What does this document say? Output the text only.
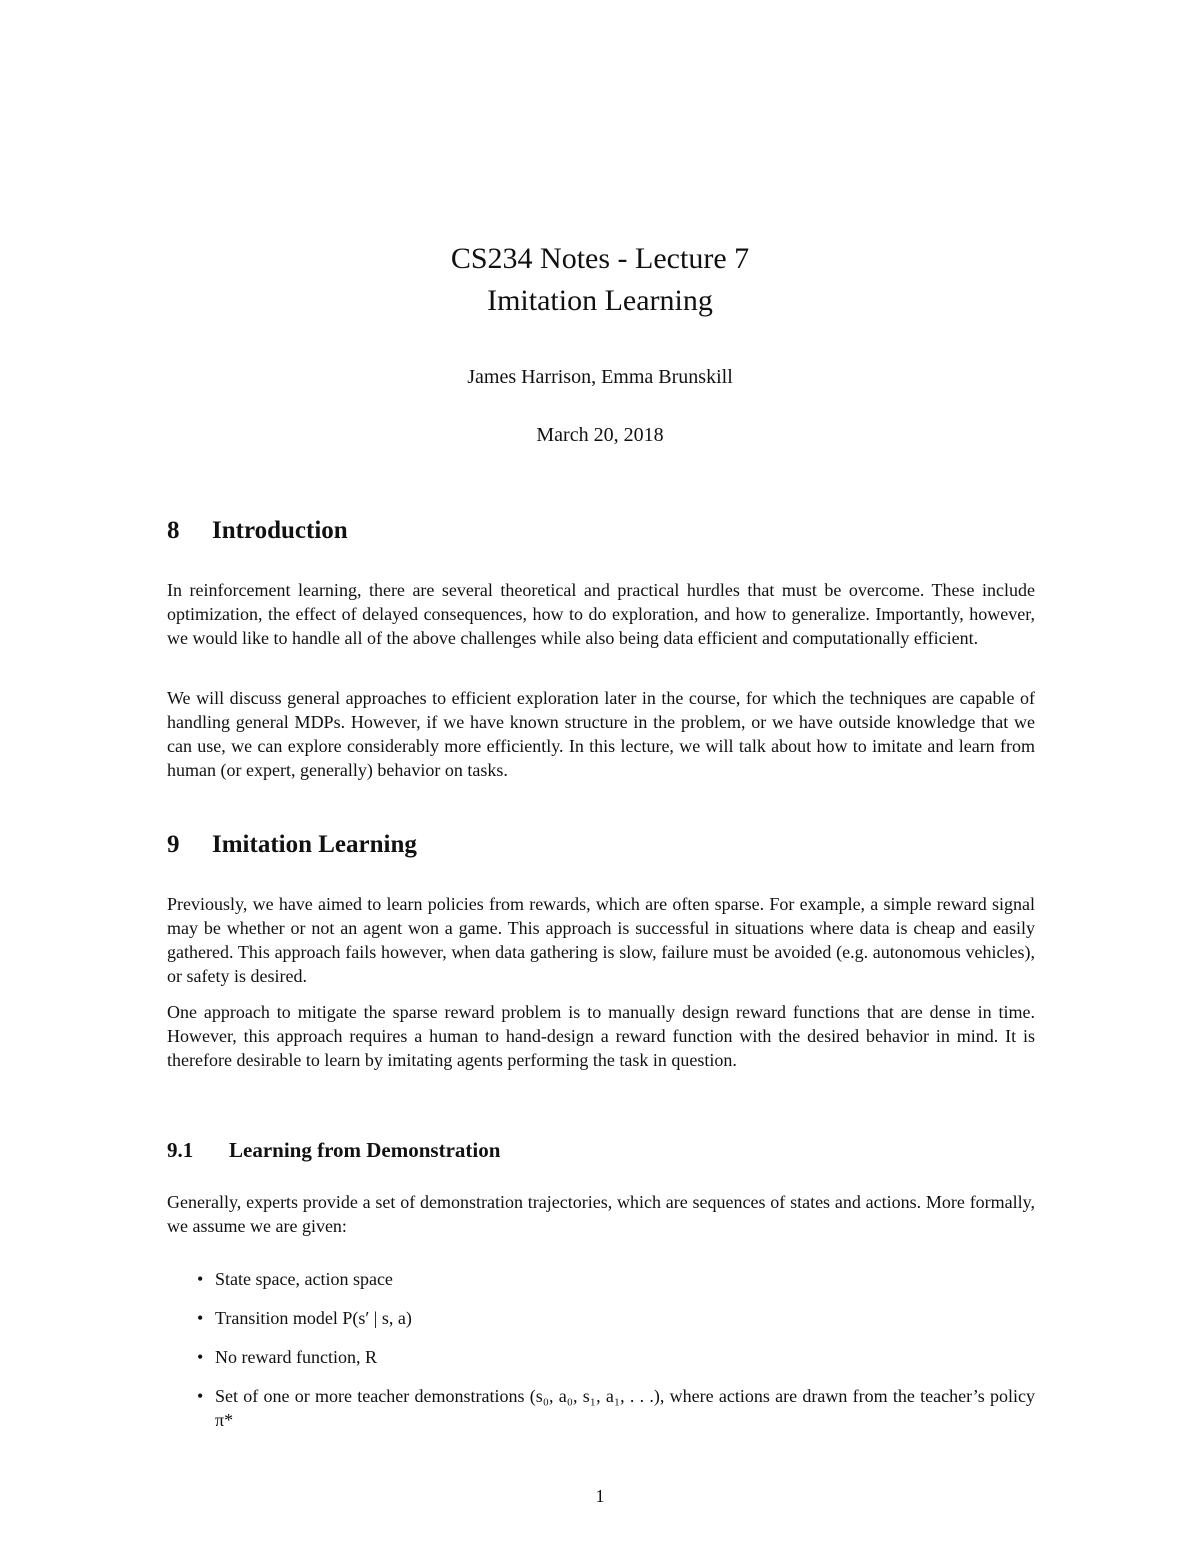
CS234 Notes - Lecture 7
Imitation Learning
James Harrison, Emma Brunskill
March 20, 2018
8 Introduction

In reinforcement learning, there are several theoretical and practical hurdles that must be overcome. These include optimization, the effect of delayed consequences, how to do exploration, and how to generalize. Importantly, however, we would like to handle all of the above challenges while also being data efficient and computationally efficient.

We will discuss general approaches to efficient exploration later in the course, for which the techniques are capable of handling general MDPs. However, if we have known structure in the problem, or we have outside knowledge that we can use, we can explore considerably more efficiently. In this lecture, we will talk about how to imitate and learn from human (or expert, generally) behavior on tasks.

9 Imitation Learning

Previously, we have aimed to learn policies from rewards, which are often sparse. For example, a simple reward signal may be whether or not an agent won a game. This approach is successful in situations where data is cheap and easily gathered. This approach fails however, when data gathering is slow, failure must be avoided (e.g. autonomous vehicles), or safety is desired.

One approach to mitigate the sparse reward problem is to manually design reward functions that are dense in time. However, this approach requires a human to hand-design a reward function with the desired behavior in mind. It is therefore desirable to learn by imitating agents performing the task in question.

9.1 Learning from Demonstration

Generally, experts provide a set of demonstration trajectories, which are sequences of states and actions. More formally, we assume we are given:

• State space, action space
• Transition model P(s′ | s, a)
• No reward function, R
• Set of one or more teacher demonstrations (s₀, a₀, s₁, a₁, . . .), where actions are drawn from the teacher’s policy π*
1
